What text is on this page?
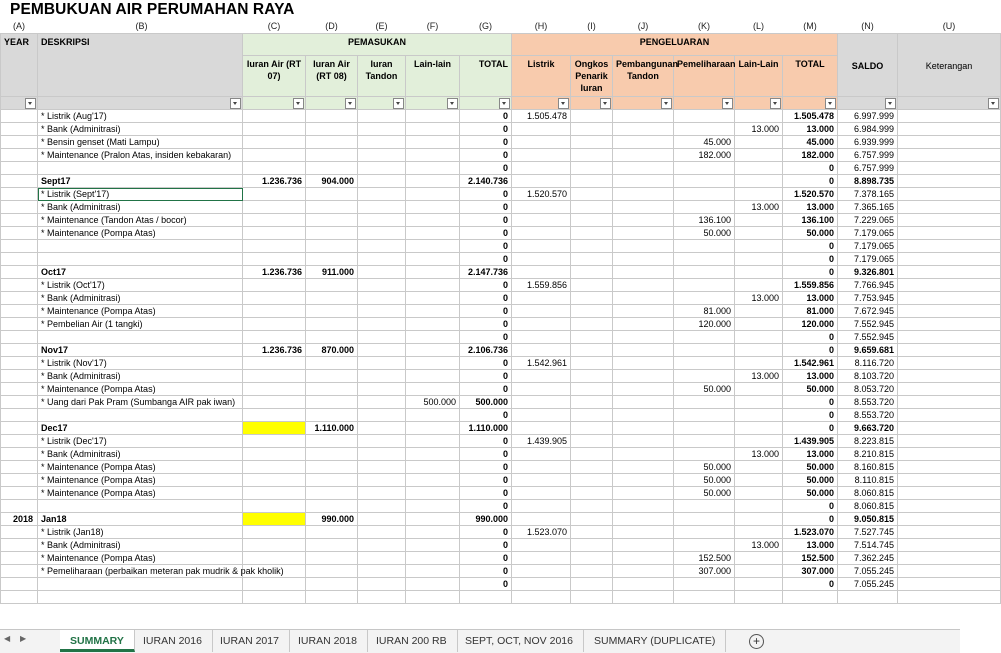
PEMBUKUAN AIR PERUMAHAN RAYA
(A)	(B)	(C)	(D)	(E)	(F)	(G)	(H)	(I)	(J)	(K)	(L)	(M)	(N)	(U)
YEAR	DESKRIPSI	PEMASUKAN					PENGELUARAN						SALDO	Keterangan
		Iuran Air (RT 07)	Iuran Air (RT 08)	Iuran Tandon	Lain-lain	TOTAL	Listrik	Ongkos Penarik Iuran	Pembangunan Tandon	Pemeliharaan	Lain-Lain	TOTAL		

	* Listrik (Aug'17)					0	1.505.478					1.505.478	6.997.999	
	* Bank (Adminitrasi)					0					13.000	13.000	6.984.999	
	* Bensin genset (Mati Lampu)					0				45.000		45.000	6.939.999	
	* Maintenance (Pralon Atas, insiden kebakaran)					0				182.000		182.000	6.757.999	
						0						0	6.757.999	
	Sept17	1.236.736	904.000			2.140.736						0	8.898.735	
	* Listrik (Sept'17)					0	1.520.570					1.520.570	7.378.165	
	* Bank (Adminitrasi)					0					13.000	13.000	7.365.165	
	* Maintenance (Tandon Atas / bocor)					0				136.100		136.100	7.229.065	
	* Maintenance (Pompa Atas)					0				50.000		50.000	7.179.065	
						0						0	7.179.065	
						0						0	7.179.065	
	Oct17	1.236.736	911.000			2.147.736						0	9.326.801	
	* Listrik (Oct'17)					0	1.559.856					1.559.856	7.766.945	
	* Bank (Adminitrasi)					0					13.000	13.000	7.753.945	
	* Maintenance (Pompa Atas)					0				81.000		81.000	7.672.945	
	* Pembelian Air (1 tangki)					0				120.000		120.000	7.552.945	
						0						0	7.552.945	
	Nov17	1.236.736	870.000			2.106.736						0	9.659.681	
	* Listrik (Nov'17)					0	1.542.961					1.542.961	8.116.720	
	* Bank (Adminitrasi)					0					13.000	13.000	8.103.720	
	* Maintenance (Pompa Atas)					0				50.000		50.000	8.053.720	
	* Uang dari Pak Pram (Sumbanga AIR pak iwan)				500.000	500.000						0	8.553.720	
						0						0	8.553.720	
	Dec17		1.110.000			1.110.000						0	9.663.720	
	* Listrik (Dec'17)					0	1.439.905					1.439.905	8.223.815	
	* Bank (Adminitrasi)					0					13.000	13.000	8.210.815	
	* Maintenance (Pompa Atas)					0				50.000		50.000	8.160.815	
	* Maintenance (Pompa Atas)					0				50.000		50.000	8.110.815	
	* Maintenance (Pompa Atas)					0				50.000		50.000	8.060.815	
						0						0	8.060.815	
2018	Jan18		990.000			990.000						0	9.050.815	
	* Listrik (Jan18)					0	1.523.070					1.523.070	7.527.745	
	* Bank (Adminitrasi)					0					13.000	13.000	7.514.745	
	* Maintenance (Pompa Atas)					0				152.500		152.500	7.362.245	
	* Pemeliharaan (perbaikan meteran pak mudrik & pak kholik)					0				307.000		307.000	7.055.245	
						0						0	7.055.245	

◀ ▶	SUMMARY	IURAN 2016	IURAN 2017	IURAN 2018	IURAN 200 RB	SEPT, OCT, NOV 2016	SUMMARY (DUPLICATE)	+
